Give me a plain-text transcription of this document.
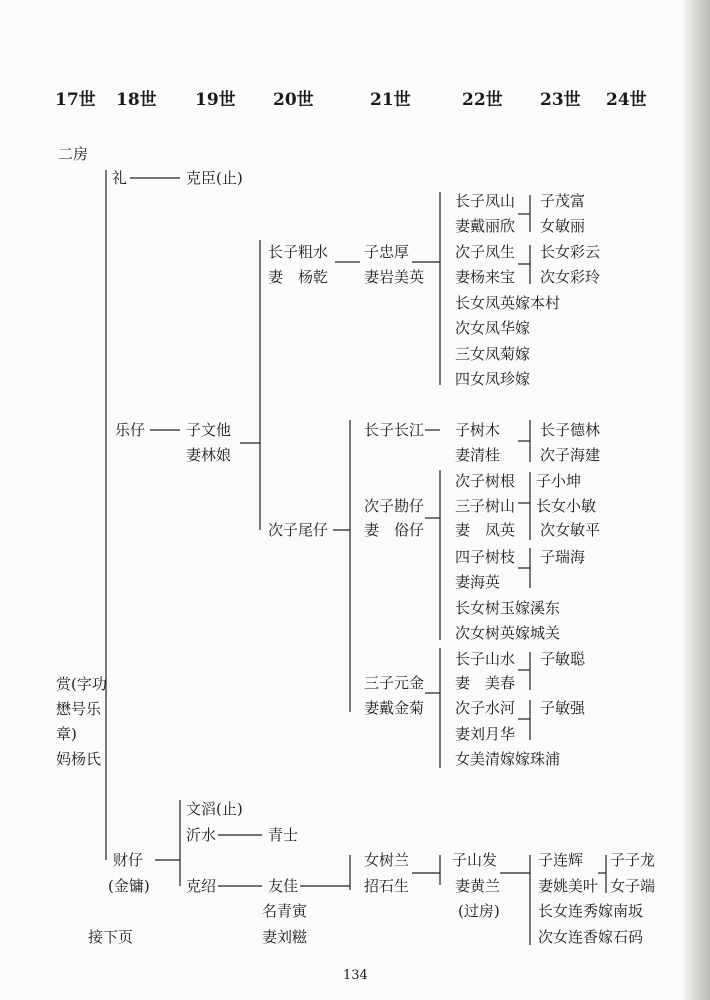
17世 18世 19世 20世	21世	22世 23世 24世
二房
赏(字功
懋号乐
章)
妈杨氏
接下页
礼
乐仔
财仔
(金镛)
克臣(止)
子文他
妻林娘
文滔(止)
沂水
克绍
长子粗水
妻　杨乾
次子尾仔
青士
友佳
名青寅
妻刘糍
子忠厚
妻岩美英
长子长江
次子勘仔
妻　俗仔
三子元金
妻戴金菊
女树兰
招石生
长子凤山
妻戴丽欣
次子凤生
妻杨来宝
长女凤英嫁本村
次女凤华嫁
三女凤菊嫁
四女凤珍嫁
子树木
妻清桂
次子树根
三子树山
妻　凤英
四子树枝
妻海英
长女树玉嫁溪东
次女树英嫁城关
长子山水
妻　美春
次子水河
妻刘月华
女美清嫁嫁珠浦
子山发
妻黄兰
(过房)
子茂富
女敏丽
长女彩云
次女彩玲
长子德林
次子海建
子小坤
长女小敏
次女敏平
子瑞海
子敏聪
子敏强
子连辉
妻姚美叶
长女连秀嫁南坂
次女连香嫁石码
子子龙
女子端
134
